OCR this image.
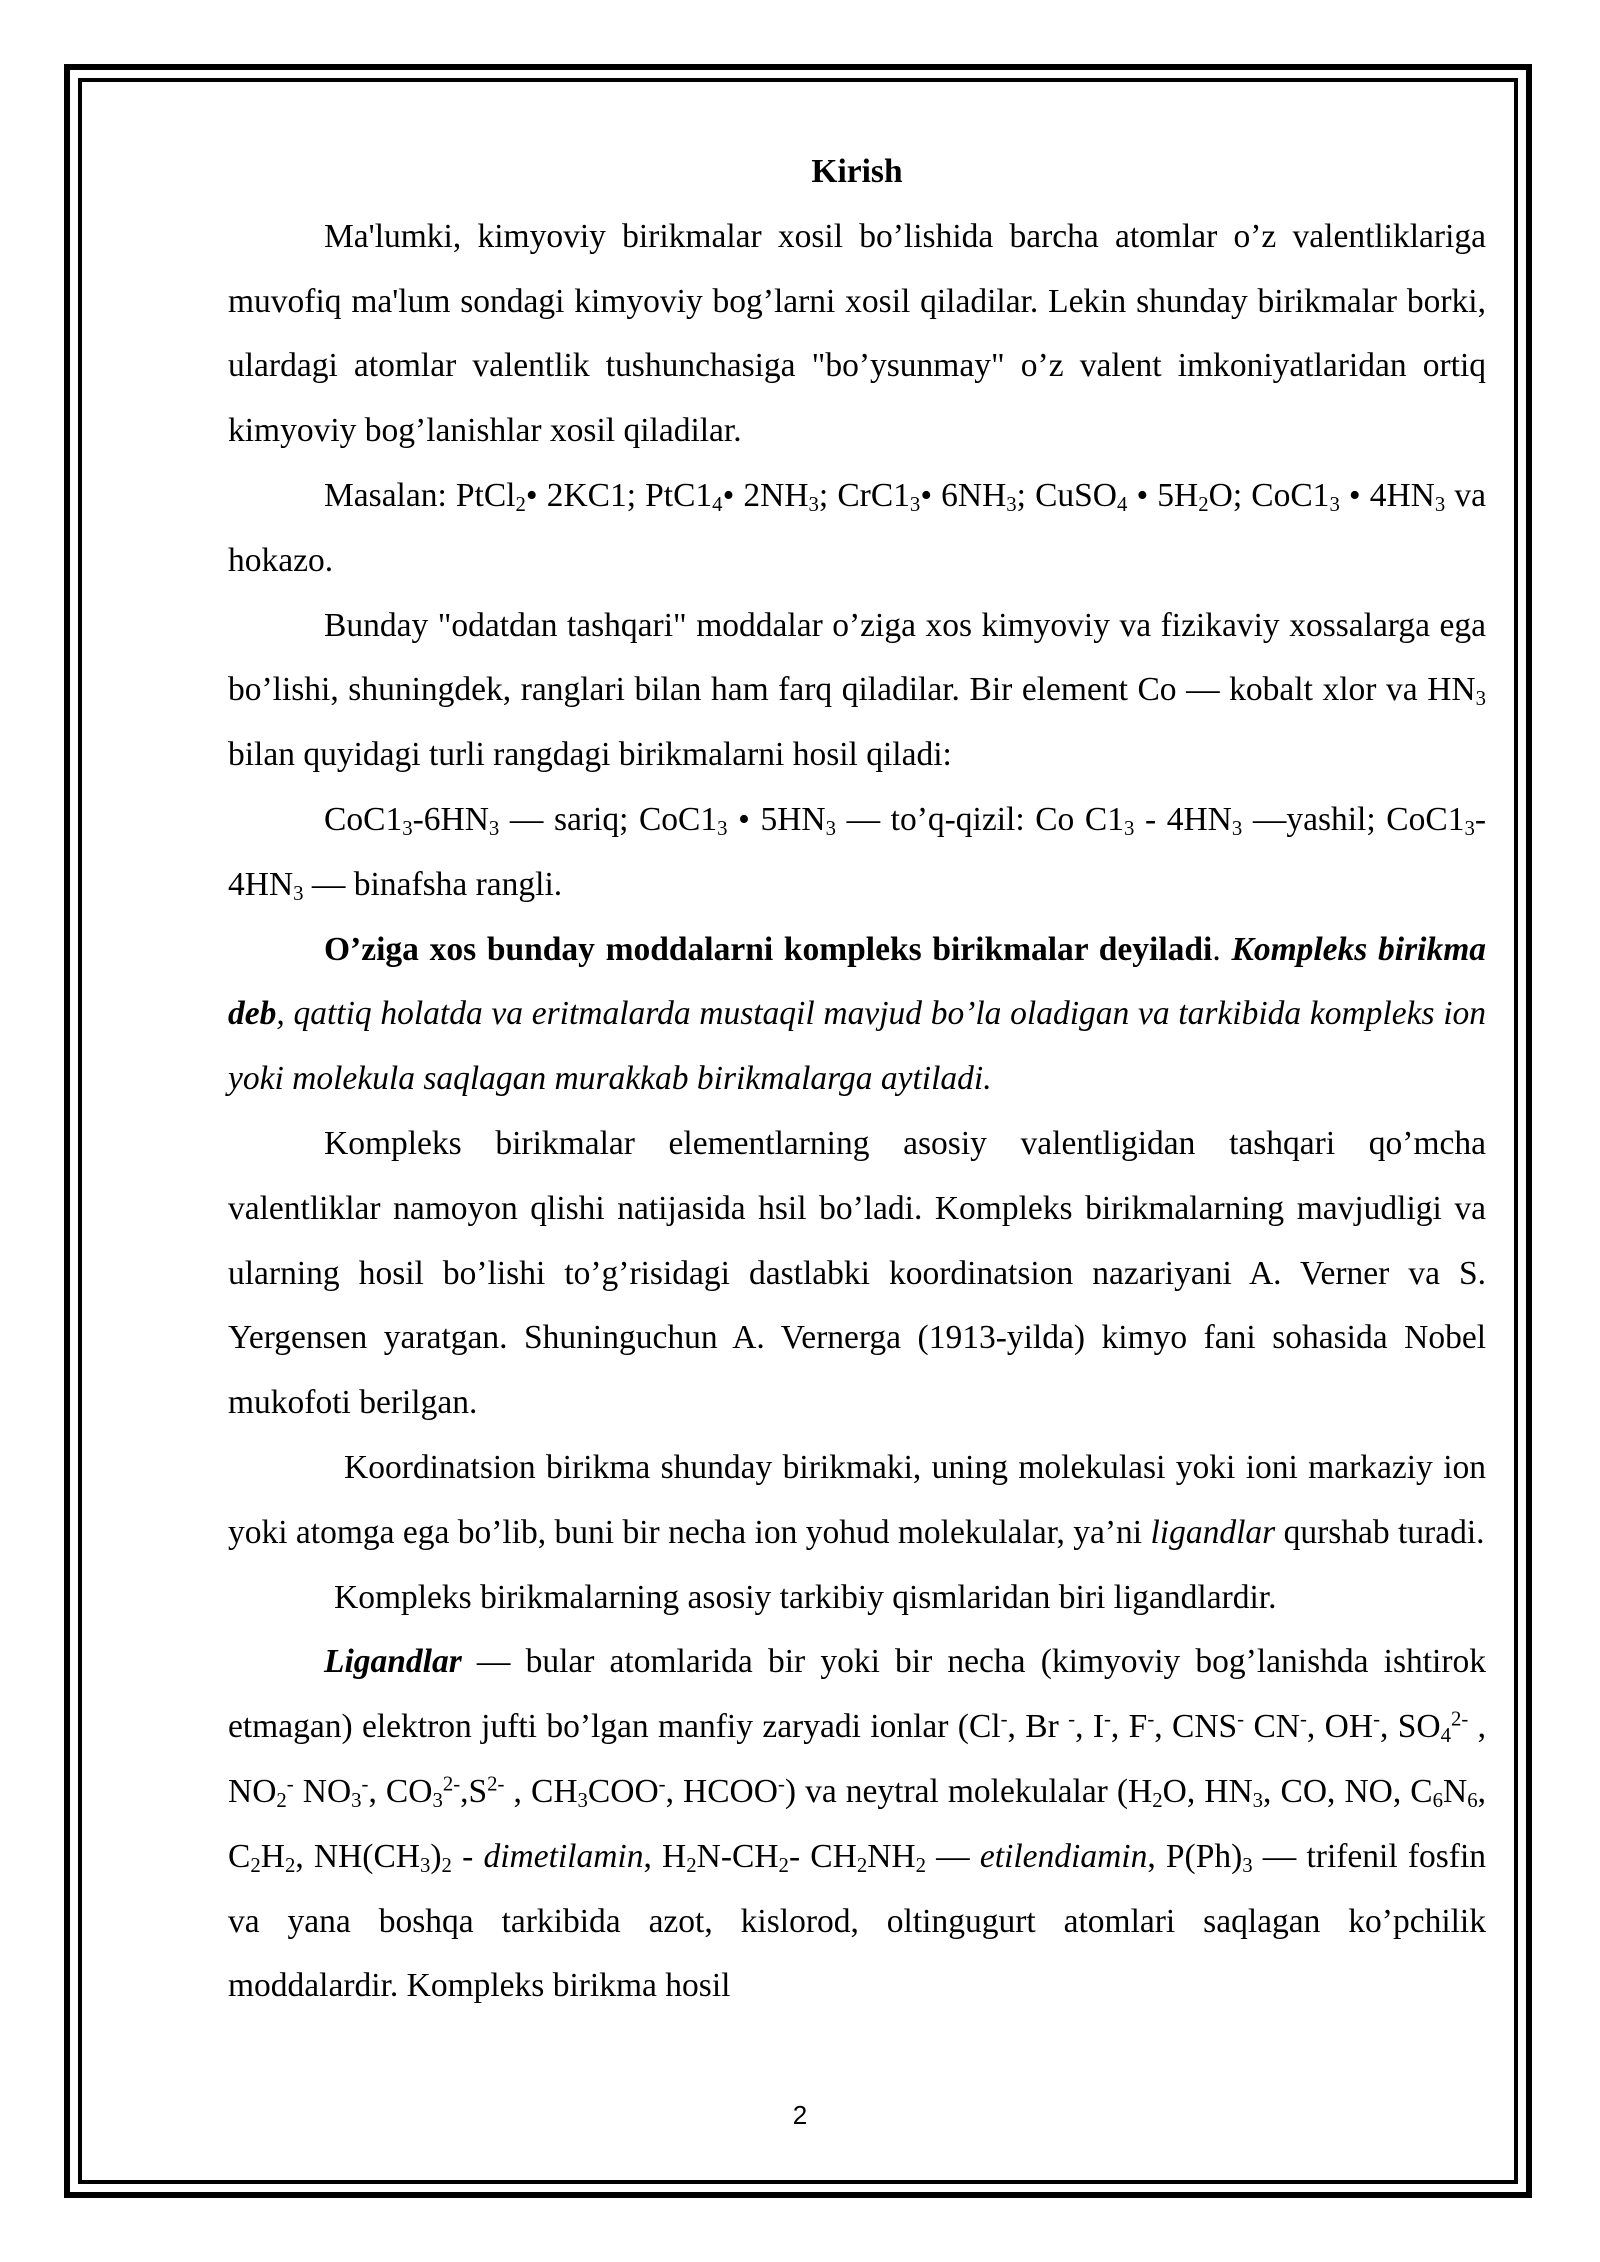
Kirish

Ma'lumki, kimyoviy birikmalar xosil bo’lishida barcha atomlar o’z valentliklariga muvofiq ma'lum sondagi kimyoviy bog’larni xosil qiladilar. Lekin shunday birikmalar borki, ulardagi atomlar valentlik tushunchasiga "bo’ysunmay" o’z valent imkoniyatlaridan ortiq kimyoviy bog’lanishlar xosil qiladilar.

Masalan: PtCl$_2$• 2KC1; $PtC1_4•$ $2NH_3$; $CrC1_3•$ $6NH_3$; CuSO$_4$ • $5H_2O$; $CoC1_3$ • $4HN_3$ va hokazo.

Bunday "odatdan tashqari" moddalar o’ziga xos kimyoviy va fizikaviy xossalarga ega bo’lishi, shuningdek, ranglari bilan ham farq qiladilar. Bir element Co — kobalt xlor va $HN_3$ bilan quyidagi turli rangdagi birikmalarni hosil qiladi:

$CoC1_3-6HN_3$ — sariq; $CoC1_3$ • $5HN_3$ — to’q-qizil: Co $C1_3 - 4HN_3$ —yashil; $CoC1_3-4HN_3$ — binafsha rangli.

O’ziga xos bunday moddalarni kompleks birikmalar deyiladi. Kompleks birikma deb, qattiq holatda va eritmalarda mustaqil mavjud bo’la oladigan va tarkibida kompleks ion yoki molekula saqlagan murakkab birikmalarga aytiladi.

Kompleks birikmalar elementlarning asosiy valentligidan tashqari qo’mcha valentliklar namoyon qlishi natijasida hsil bo’ladi. Kompleks birikmalarning mavjudligi va ularning hosil bo’lishi to’g’risidagi dastlabki koordinatsion nazariyani A. Verner va S. Yergensen yaratgan. Shuninguchun A. Vernerga (1913-yilda) kimyo fani sohasida Nobel mukofoti berilgan.

Koordinatsion birikma shunday birikmaki, uning molekulasi yoki ioni markaziy ion yoki atomga ega bo’lib, buni bir necha ion yohud molekulalar, ya’ni ligandlar qurshab turadi.

Kompleks birikmalarning asosiy tarkibiy qismlaridan biri ligandlardir.

Ligandlar — bular atomlarida bir yoki bir necha (kimyoviy bog’lanishda ishtirok etmagan) elektron jufti bo’lgan manfiy zaryadi ionlar (Cl-, Br -, I-, F-, CNS- CN-, OH-, $SO_4^{2-}$ , $NO_2^-$ $NO_3^-$, $CO_3^{2-},S^{2-}$ , $CH_3COO^-$, HCOO-) va neytral molekulalar ($H_2O$, $HN_3$, CO, NO, $C_6N_6$, $C_2H_2$, $NH(CH_3)_2$ - dimetilamin, $H_2N-CH_2-$ $CH_2NH_2$ — etilendiamin, $P(Ph)_3$ — trifenil fosfin va yana boshqa tarkibida azot, kislorod, oltingugurt atomlari saqlagan ko’pchilik moddalardir. Kompleks birikma hosil

2
